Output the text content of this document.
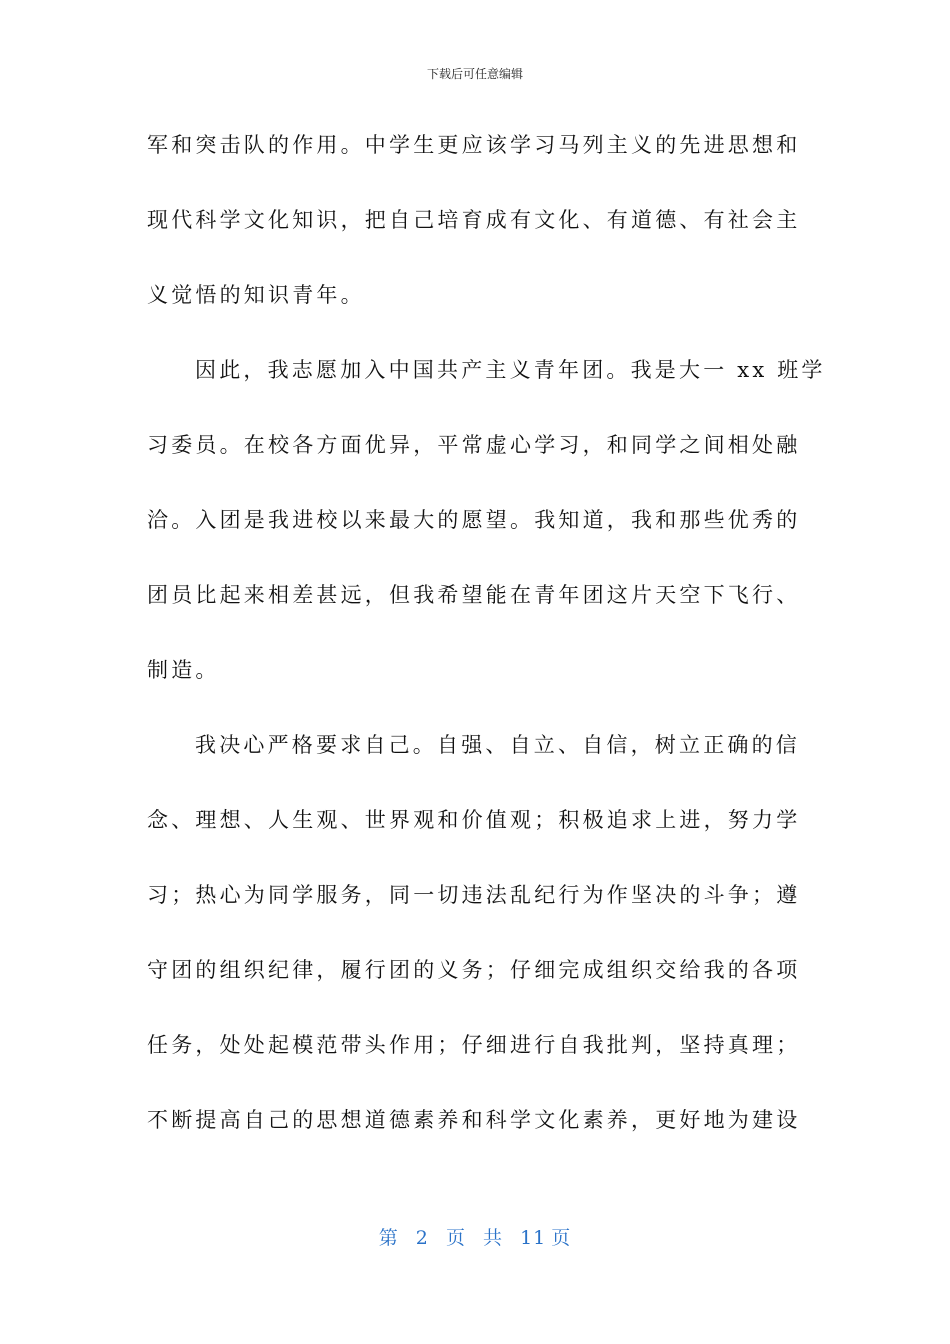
下载后可任意编辑
军和突击队的作用。中学生更应该学习马列主义的先进思想和
现代科学文化知识，把自己培育成有文化、有道德、有社会主
义觉悟的知识青年。
因此，我志愿加入中国共产主义青年团。我是大一 xx 班学
习委员。在校各方面优异，平常虚心学习，和同学之间相处融
洽。入团是我进校以来最大的愿望。我知道，我和那些优秀的
团员比起来相差甚远，但我希望能在青年团这片天空下飞行、
制造。
我决心严格要求自己。自强、自立、自信，树立正确的信
念、理想、人生观、世界观和价值观；积极追求上进，努力学
习；热心为同学服务，同一切违法乱纪行为作坚决的斗争；遵
守团的组织纪律，履行团的义务；仔细完成组织交给我的各项
任务，处处起模范带头作用；仔细进行自我批判，坚持真理；
不断提高自己的思想道德素养和科学文化素养，更好地为建设
第 2 页 共 11 页
